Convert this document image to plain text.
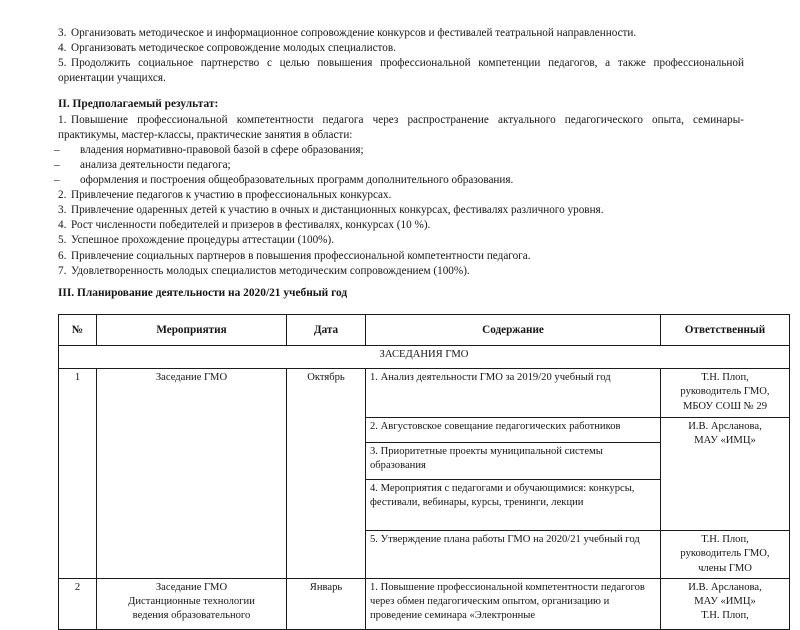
3. Организовать методическое и информационное сопровождение конкурсов и фестивалей театральной направленности.

4. Организовать методическое сопровождение молодых специалистов.

5. Продолжить социальное партнерство с целью повышения профессиональной компетенции педагогов, а также профессиональной ориентации учащихся.

II. Предполагаемый результат:

1. Повышение профессиональной компетентности педагога через распространение актуального педагогического опыта, семинары-практикумы, мастер-классы, практические занятия в области:

– владения нормативно-правовой базой в сфере образования;

– анализа деятельности педагога;

– оформления и построения общеобразовательных программ дополнительного образования.

2. Привлечение педагогов к участию в профессиональных конкурсах.

3. Привлечение одаренных детей к участию в очных и дистанционных конкурсах, фестивалях различного уровня.

4. Рост численности победителей и призеров в фестивалях, конкурсах (10 %).

5. Успешное прохождение процедуры аттестации (100%).

6. Привлечение социальных партнеров в повышения профессиональной компетентности педагога.

7. Удовлетворенность молодых специалистов методическим сопровождением (100%).

III. Планирование деятельности на 2020/21 учебный год
№	Мероприятия	Дата	Содержание	Ответственный
ЗАСЕДАНИЯ ГМО				
1	Заседание ГМО	Октябрь	1. Анализ деятельности ГМО за 2019/20 учебный год	Т.Н. Плоп,
руководитель ГМО,
МБОУ СОШ № 29
			2. Августовское совещание педагогических работников	И.В. Арсланова,
МАУ «ИМЦ»
			3. Приоритетные проекты муниципальной системы образования	
			4. Мероприятия с педагогами и обучающимися: конкурсы, фестивали, вебинары, курсы, тренинги, лекции	
			5. Утверждение плана работы ГМО на 2020/21 учебный год	Т.Н. Плоп,
руководитель ГМО,
члены ГМО
2	Заседание ГМО
Дистанционные технологии
ведения образовательного	Январь	1. Повышение профессиональной компетентности педагогов через обмен педагогическим опытом, организацию и проведение семинара «Электронные	И.В. Арсланова,
МАУ «ИМЦ»
Т.Н. Плоп,
